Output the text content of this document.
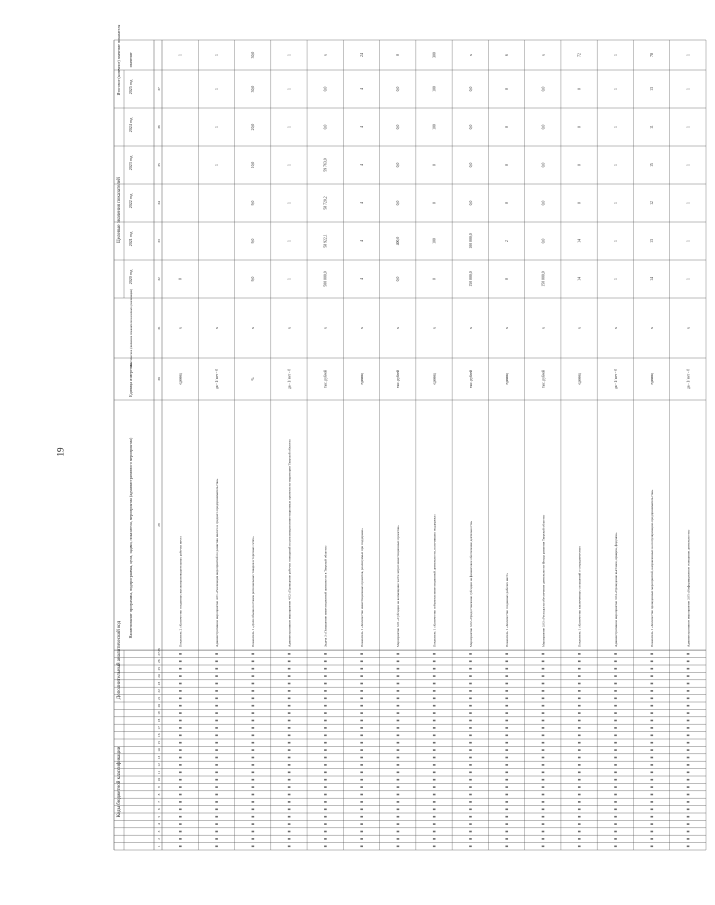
19
Коды бюджетной классификации
Дополнительный аналитический код
Целевые значения показателей
Итоговое (конечное) значение показателя
Наименование программы, подпрограммы, цели, задачи, показателя, мероприятия (административного мероприятия)
Единица измерения
Фактическое (значение показателя на начало реализации)
2020 год
2021 год
2022 год
2023 год
2024 год
2025 год
значение
1
2
3
4
5
6
7
8
9
10
11
12
13
14
15
16
17
18
19
20
21
22
23
24
25
26
27
28
29
30
31
32
33
34
35
36
37
Показатель 2 «Количество созданных высокопроизводительных рабочих мест»
единиц
х
0
1
Административное мероприятие 4.01 «Реализация мероприятий по развитию малого и среднего предпринимательства»
да - 1/ нет - 0
х
1
1
1
1
Показатель 1 «Доля объема поставок региональных товаров в торговых сетях»
%
х
9,0
9,0
9,0
10,0
20,0
30,0
30,0
Административное мероприятие 4.02 «Проведение рабочих совещаний по реализации инвестиционных проектов на территории Тверской области»
да - 1/ нет - 0
х
1
1
1
1
1
1
1
Задача 3 «Повышение инвестиционной активности в Тверской области»
тыс. рублей
х
500 000,0
58 922,1
58 720,2
59 763,0
0,0
0,0
х
Показатель 1 «Количество инвестиционных проектов, реализуемых при поддержке»
единиц
х
4
4
4
4
4
4
24
Мероприятие 3.01 «Субсидии на возмещение части затрат инвестиционных проектов»
тыс. рублей
х
0,0
400,0
0,0
0,0
0,0
0,0
0
Показатель 1 «Количество субъектов инвестиционной деятельности, получивших поддержку»
единиц
х
0
100
0
0
100
100
300
Мероприятие 3.02 «Предоставление субсидии на финансовое обеспечение деятельности»
тыс. рублей
х
150 000,0
100 000,0
0,0
0,0
0,0
0,0
х
Показатель 1 «Количество созданных рабочих мест»
единиц
х
0
2
0
0
0
0
6
Мероприятие 3.03 «Расходы на обеспечение деятельности Фонда развития Тверской области»
тыс. рублей
х
150 000,0
0,0
0,0
0,0
0,0
0,0
х
Показатель 1 «Количество заключенных соглашений о сотрудничестве»
единиц
х
14
14
0
0
0
0
72
Административное мероприятие 3.04 «Проведение выставок, ярмарок, форумов»
да - 1/ нет - 0
х
1
1
1
1
1
1
1
Показатель 1 «Количество проведенных мероприятий, направленных на популяризацию предпринимательства»
единиц
х
14
13
12
15
11
13
78
Административное мероприятие 3.05 «Информационное освещение деятельности»
да - 1/ нет - 0
х
1
1
1
1
1
1
1
